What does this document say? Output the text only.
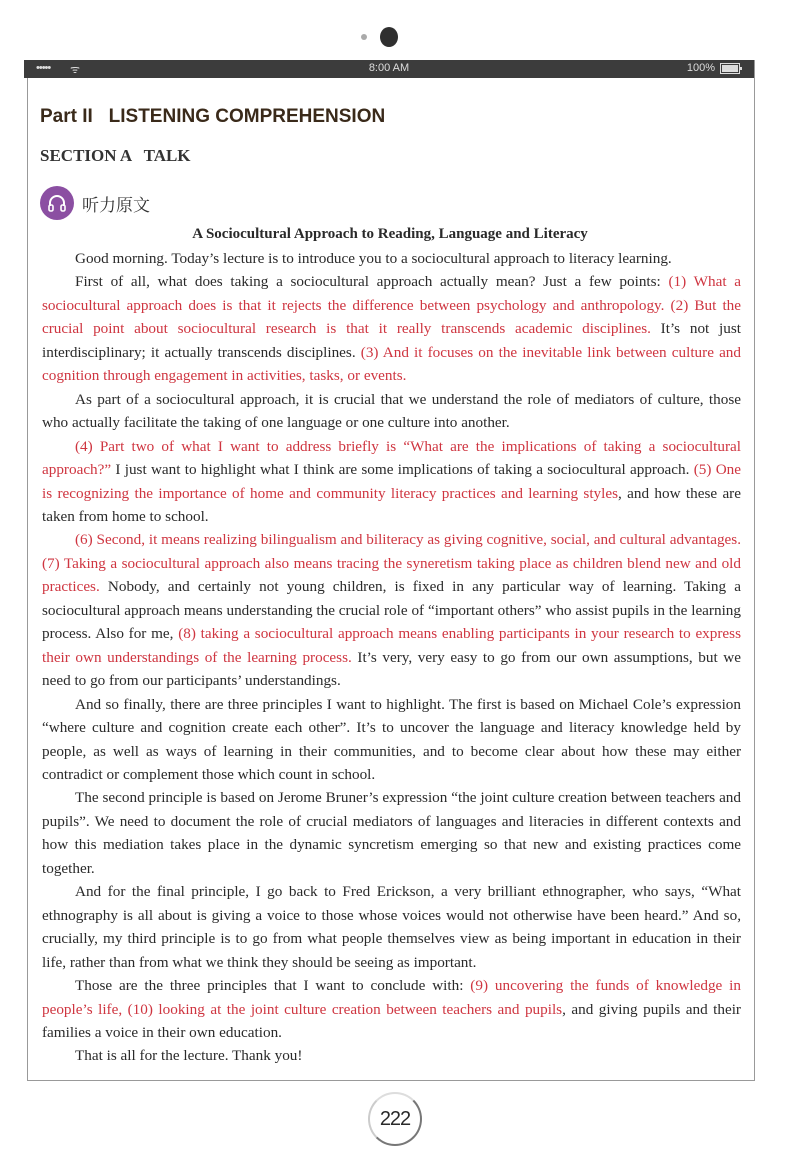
••••• ᯤ	8:00 AM	100%
Part II   LISTENING COMPREHENSION
SECTION A   TALK
听力原文
A Sociocultural Approach to Reading, Language and Literacy

Good morning. Today’s lecture is to introduce you to a sociocultural approach to literacy learning.

First of all, what does taking a sociocultural approach actually mean? Just a few points: (1) What a sociocultural approach does is that it rejects the difference between psychology and anthropology. (2) But the crucial point about sociocultural research is that it really transcends academic disciplines. It’s not just interdisciplinary; it actually transcends disciplines. (3) And it focuses on the inevitable link between culture and cognition through engagement in activities, tasks, or events.

As part of a sociocultural approach, it is crucial that we understand the role of mediators of culture, those who actually facilitate the taking of one language or one culture into another.

(4) Part two of what I want to address briefly is “What are the implications of taking a sociocultural approach?” I just want to highlight what I think are some implications of taking a sociocultural approach. (5) One is recognizing the importance of home and community literacy practices and learning styles, and how these are taken from home to school.

(6) Second, it means realizing bilingualism and biliteracy as giving cognitive, social, and cultural advantages. (7) Taking a sociocultural approach also means tracing the syneretism taking place as children blend new and old practices. Nobody, and certainly not young children, is fixed in any particular way of learning. Taking a sociocultural approach means understanding the crucial role of “important others” who assist pupils in the learning process. Also for me, (8) taking a sociocultural approach means enabling participants in your research to express their own understandings of the learning process. It’s very, very easy to go from our own assumptions, but we need to go from our participants’ understandings.

And so finally, there are three principles I want to highlight. The first is based on Michael Cole’s expression “where culture and cognition create each other”. It’s to uncover the language and literacy knowledge held by people, as well as ways of learning in their communities, and to become clear about how these may either contradict or complement those which count in school.

The second principle is based on Jerome Bruner’s expression “the joint culture creation between teachers and pupils”. We need to document the role of crucial mediators of languages and literacies in different contexts and how this mediation takes place in the dynamic syncretism emerging so that new and existing practices come together.

And for the final principle, I go back to Fred Erickson, a very brilliant ethnographer, who says, “What ethnography is all about is giving a voice to those whose voices would not otherwise have been heard.” And so, crucially, my third principle is to go from what people themselves view as being important in education in their life, rather than from what we think they should be seeing as important.

Those are the three principles that I want to conclude with: (9) uncovering the funds of knowledge in people’s life, (10) looking at the joint culture creation between teachers and pupils, and giving pupils and their families a voice in their own education.

That is all for the lecture. Thank you!

222
